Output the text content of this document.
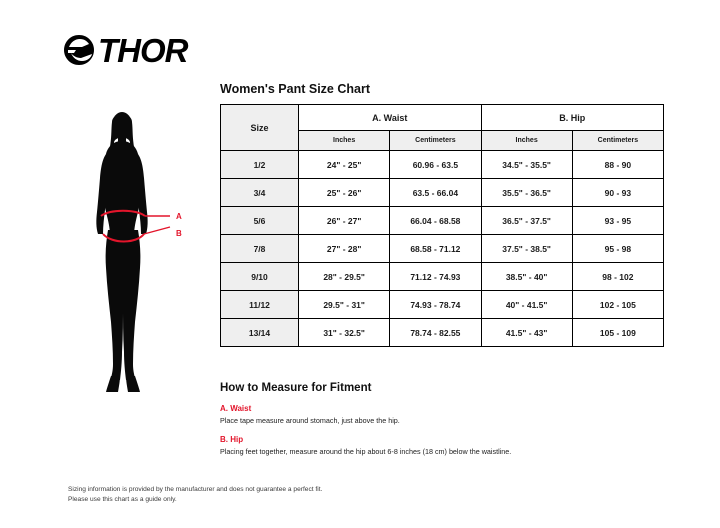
THOR
A
B
Women's Pant Size Chart
Size	A. Waist		B. Hip	
	Inches	Centimeters	Inches	Centimeters
1/2	24" - 25"	60.96 - 63.5	34.5" - 35.5"	88 - 90
3/4	25" - 26"	63.5 - 66.04	35.5" - 36.5"	90 - 93
5/6	26" - 27"	66.04 - 68.58	36.5" - 37.5"	93 - 95
7/8	27" - 28"	68.58 - 71.12	37.5" - 38.5"	95 - 98
9/10	28" - 29.5"	71.12 - 74.93	38.5" - 40"	98 - 102
11/12	29.5" - 31"	74.93 - 78.74	40" - 41.5"	102 - 105
13/14	31" - 32.5"	78.74 - 82.55	41.5" - 43"	105 - 109
How to Measure for Fitment
A. Waist
Place tape measure around stomach, just above the hip.
B. Hip
Placing feet together, measure around the hip about 6-8 inches (18 cm) below the waistline.
Sizing information is provided by the manufacturer and does not guarantee a perfect fit.
Please use this chart as a guide only.
